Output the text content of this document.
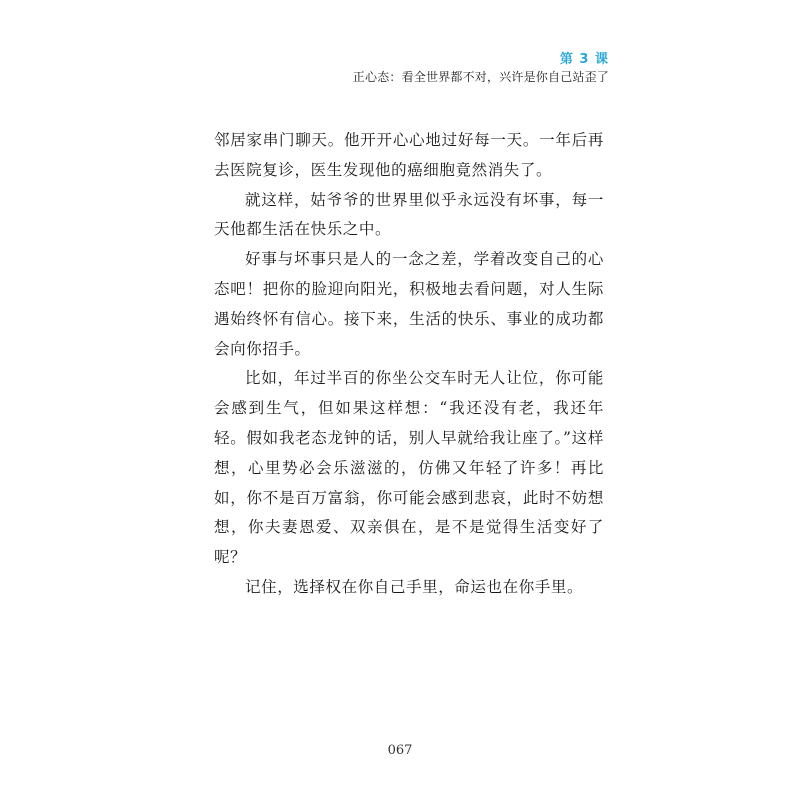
第 3 课
正心态：看全世界都不对，兴许是你自己站歪了

邻居家串门聊天。他开开心心地过好每一天。一年后再去医院复诊，医生发现他的癌细胞竟然消失了。

就这样，姑爷爷的世界里似乎永远没有坏事，每一天他都生活在快乐之中。

好事与坏事只是人的一念之差，学着改变自己的心态吧！把你的脸迎向阳光，积极地去看问题，对人生际遇始终怀有信心。接下来，生活的快乐、事业的成功都会向你招手。

比如，年过半百的你坐公交车时无人让位，你可能会感到生气，但如果这样想：“我还没有老，我还年轻。假如我老态龙钟的话，别人早就给我让座了。”这样想，心里势必会乐滋滋的，仿佛又年轻了许多！再比如，你不是百万富翁，你可能会感到悲哀，此时不妨想想，你夫妻恩爱、双亲俱在，是不是觉得生活变好了呢？

记住，选择权在你自己手里，命运也在你手里。

067
